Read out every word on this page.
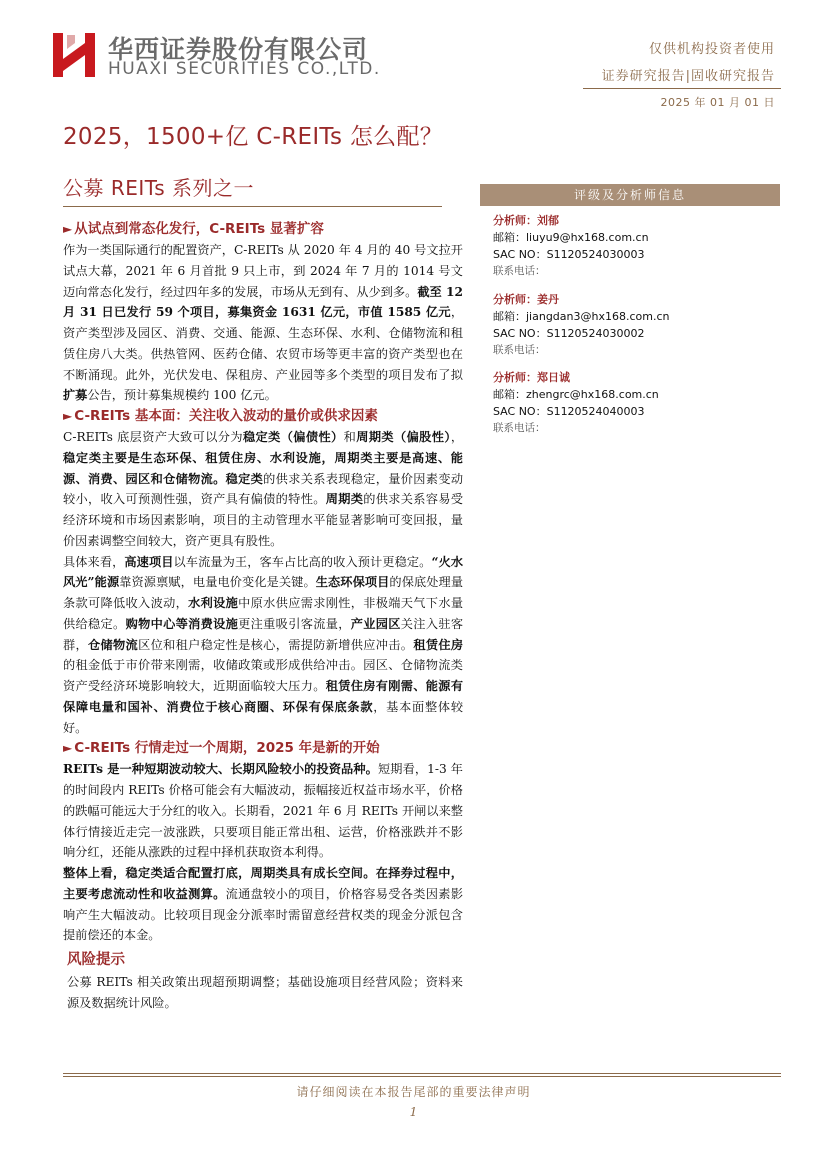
华西证券股份有限公司
HUAXI SECURITIES CO.,LTD.
仅供机构投资者使用
证券研究报告|固收研究报告
2025 年 01 月 01 日
2025，1500+亿 C-REITs 怎么配？
公募 REITs 系列之一
► 从试点到常态化发行，C-REITs 显著扩容

作为一类国际通行的配置资产，C-REITs 从 2020 年 4 月的 40 号文拉开试点大幕，2021 年 6 月首批 9 只上市，到 2024 年 7 月的 1014 号文迈向常态化发行，经过四年多的发展，市场从无到有、从少到多。截至 12 月 31 日已发行 59 个项目，募集资金 1631 亿元，市值 1585 亿元，资产类型涉及园区、消费、交通、能源、生态环保、水利、仓储物流和租赁住房八大类。供热管网、医药仓储、农贸市场等更丰富的资产类型也在不断涌现。此外，光伏发电、保租房、产业园等多个类型的项目发布了拟扩募公告，预计募集规模约 100 亿元。

► C-REITs 基本面：关注收入波动的量价或供求因素

C-REITs 底层资产大致可以分为稳定类（偏债性）和周期类（偏股性），稳定类主要是生态环保、租赁住房、水利设施，周期类主要是高速、能源、消费、园区和仓储物流。稳定类的供求关系表现稳定，量价因素变动较小，收入可预测性强，资产具有偏债的特性。周期类的供求关系容易受经济环境和市场因素影响，项目的主动管理水平能显著影响可变回报，量价因素调整空间较大，资产更具有股性。

具体来看，高速项目以车流量为王，客车占比高的收入预计更稳定。“火水风光”能源靠资源禀赋，电量电价变化是关键。生态环保项目的保底处理量条款可降低收入波动，水利设施中原水供应需求刚性，非极端天气下水量供给稳定。购物中心等消费设施更注重吸引客流量，产业园区关注入驻客群，仓储物流区位和租户稳定性是核心，需提防新增供应冲击。租赁住房的租金低于市价带来刚需，收储政策或形成供给冲击。园区、仓储物流类资产受经济环境影响较大，近期面临较大压力。租赁住房有刚需、能源有保障电量和国补、消费位于核心商圈、环保有保底条款，基本面整体较好。

► C-REITs 行情走过一个周期，2025 年是新的开始

REITs 是一种短期波动较大、长期风险较小的投资品种。短期看，1-3 年的时间段内 REITs 价格可能会有大幅波动，振幅接近权益市场水平，价格的跌幅可能远大于分红的收入。长期看，2021 年 6 月 REITs 开闸以来整体行情接近走完一波涨跌，只要项目能正常出租、运营，价格涨跌并不影响分红，还能从涨跌的过程中择机获取资本利得。

整体上看，稳定类适合配置打底，周期类具有成长空间。在择券过程中，主要考虑流动性和收益测算。流通盘较小的项目，价格容易受各类因素影响产生大幅波动。比较项目现金分派率时需留意经营权类的现金分派包含提前偿还的本金。

风险提示

公募 REITs 相关政策出现超预期调整；基础设施项目经营风险；资料来源及数据统计风险。

评级及分析师信息
分析师：刘郁
邮箱：liuyu9@hx168.com.cn
SAC NO：S1120524030003
联系电话：
分析师：姜丹
邮箱：jiangdan3@hx168.com.cn
SAC NO：S1120524030002
联系电话：
分析师：郑日诚
邮箱：zhengrc@hx168.com.cn
SAC NO：S1120524040003
联系电话：
请仔细阅读在本报告尾部的重要法律声明
1
